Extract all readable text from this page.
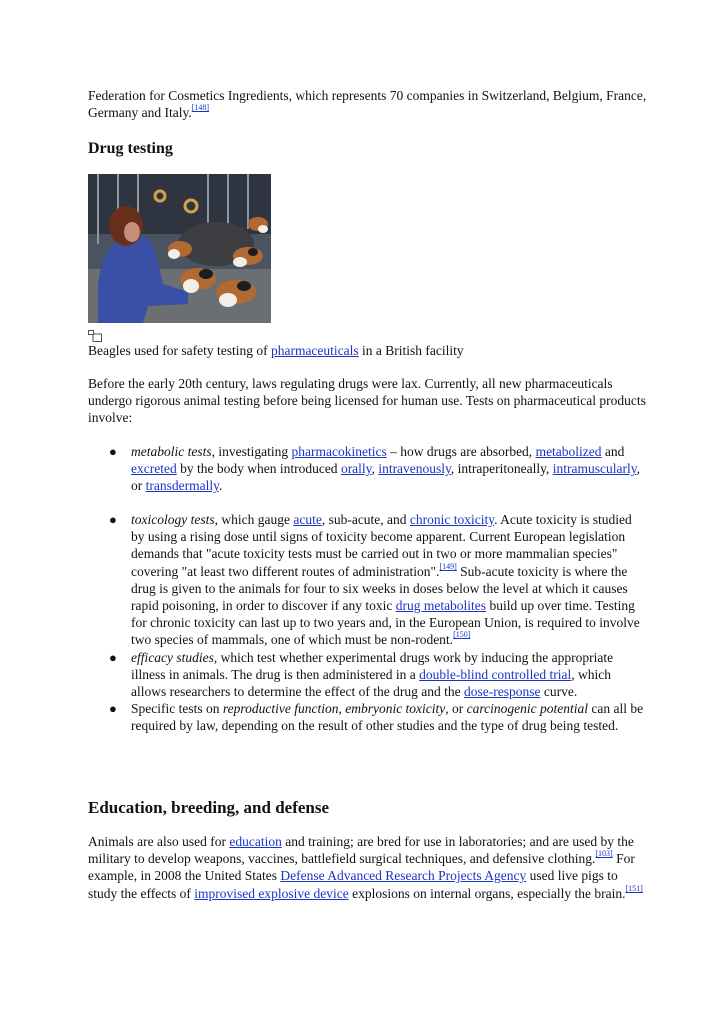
Federation for Cosmetics Ingredients, which represents 70 companies in Switzerland, Belgium, France, Germany and Italy.[148]

Drug testing

Beagles used for safety testing of pharmaceuticals in a British facility

Before the early 20th century, laws regulating drugs were lax. Currently, all new pharmaceuticals undergo rigorous animal testing before being licensed for human use. Tests on pharmaceutical products involve:

● metabolic tests, investigating pharmacokinetics – how drugs are absorbed, metabolized and excreted by the body when introduced orally, intravenously, intraperitoneally, intramuscularly, or transdermally.
● toxicology tests, which gauge acute, sub-acute, and chronic toxicity. Acute toxicity is studied by using a rising dose until signs of toxicity become apparent. Current European legislation demands that "acute toxicity tests must be carried out in two or more mammalian species" covering "at least two different routes of administration".[149] Sub-acute toxicity is where the drug is given to the animals for four to six weeks in doses below the level at which it causes rapid poisoning, in order to discover if any toxic drug metabolites build up over time. Testing for chronic toxicity can last up to two years and, in the European Union, is required to involve two species of mammals, one of which must be non-rodent.[150]
● efficacy studies, which test whether experimental drugs work by inducing the appropriate illness in animals. The drug is then administered in a double-blind controlled trial, which allows researchers to determine the effect of the drug and the dose-response curve.
● Specific tests on reproductive function, embryonic toxicity, or carcinogenic potential can all be required by law, depending on the result of other studies and the type of drug being tested.
Education, breeding, and defense

Animals are also used for education and training; are bred for use in laboratories; and are used by the military to develop weapons, vaccines, battlefield surgical techniques, and defensive clothing.[103] For example, in 2008 the United States Defense Advanced Research Projects Agency used live pigs to study the effects of improvised explosive device explosions on internal organs, especially the brain.[151]
